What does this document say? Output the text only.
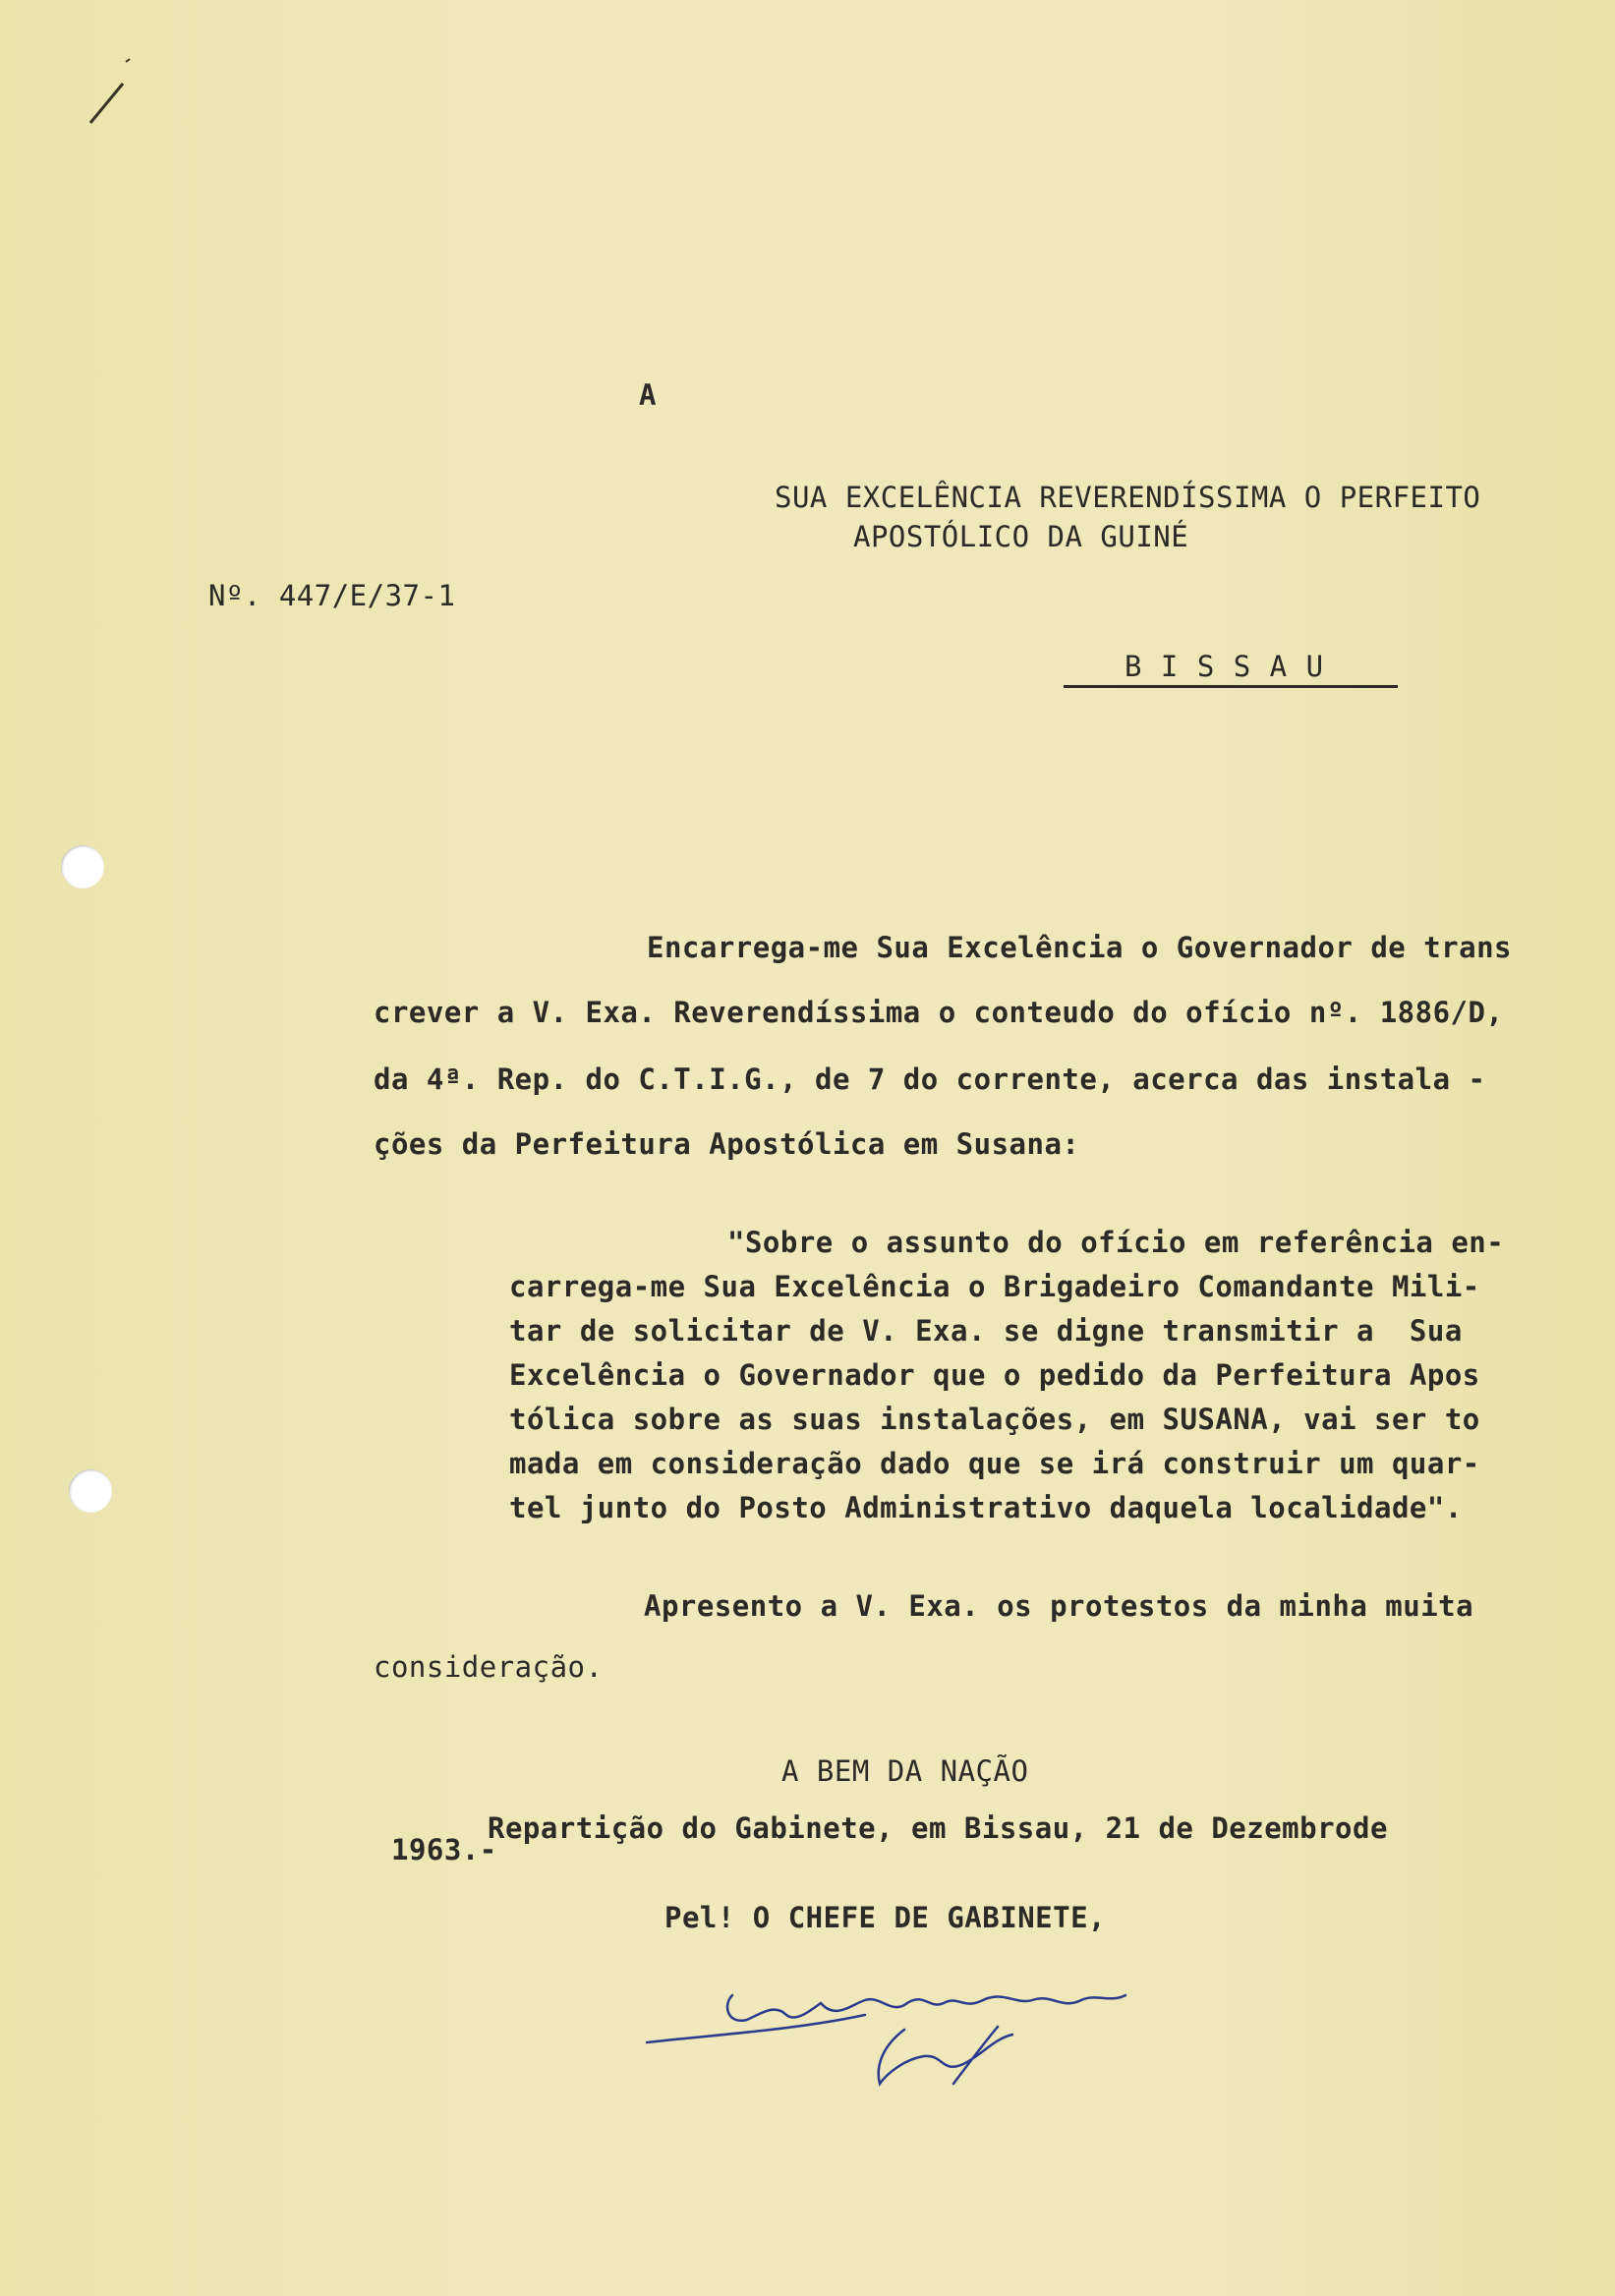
A
SUA EXCELÊNCIA REVERENDÍSSIMA O PERFEITO
APOSTÓLICO DA GUINÉ
Nº. 447/E/37-1
B I S S A U
Encarrega-me Sua Excelência o Governador de trans
crever a V. Exa. Reverendíssima o conteudo do ofício nº. 1886/D,
da 4ª. Rep. do C.T.I.G., de 7 do corrente, acerca das instala -
ções da Perfeitura Apostólica em Susana:
"Sobre o assunto do ofício em referência en-
carrega-me Sua Excelência o Brigadeiro Comandante Mili-
tar de solicitar de V. Exa. se digne transmitir a  Sua
Excelência o Governador que o pedido da Perfeitura Apos
tólica sobre as suas instalações, em SUSANA, vai ser to
mada em consideração dado que se irá construir um quar-
tel junto do Posto Administrativo daquela localidade".
Apresento a V. Exa. os protestos da minha muita
consideração.
A BEM DA NAÇÃO
Repartição do Gabinete, em Bissau, 21 de Dezembrode
1963.-
Pel! O CHEFE DE GABINETE,
